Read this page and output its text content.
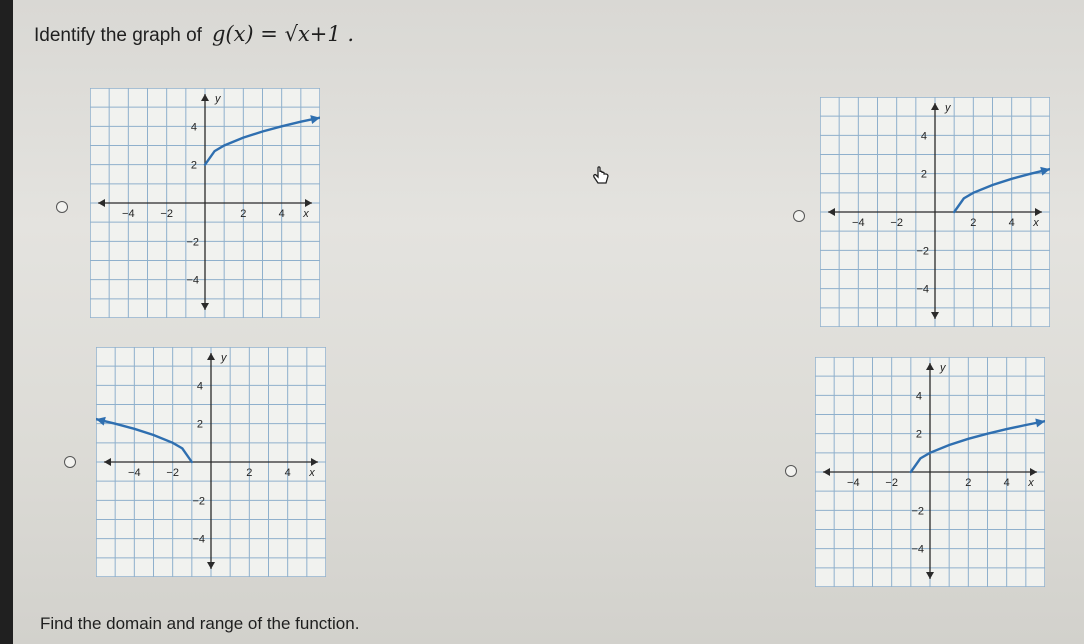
Identify the graph of g(x) = √x+1 .
y
x
4
2
−2
−4
−4 −2	2	4
y
x
4
2
−2
−4
−4 −2	2	4
y
x
4
2
−2
−4
−4 −2	2	4
y
x
4
2
−2
−4
−4 −2	2	4
Find the domain and range of the function.
